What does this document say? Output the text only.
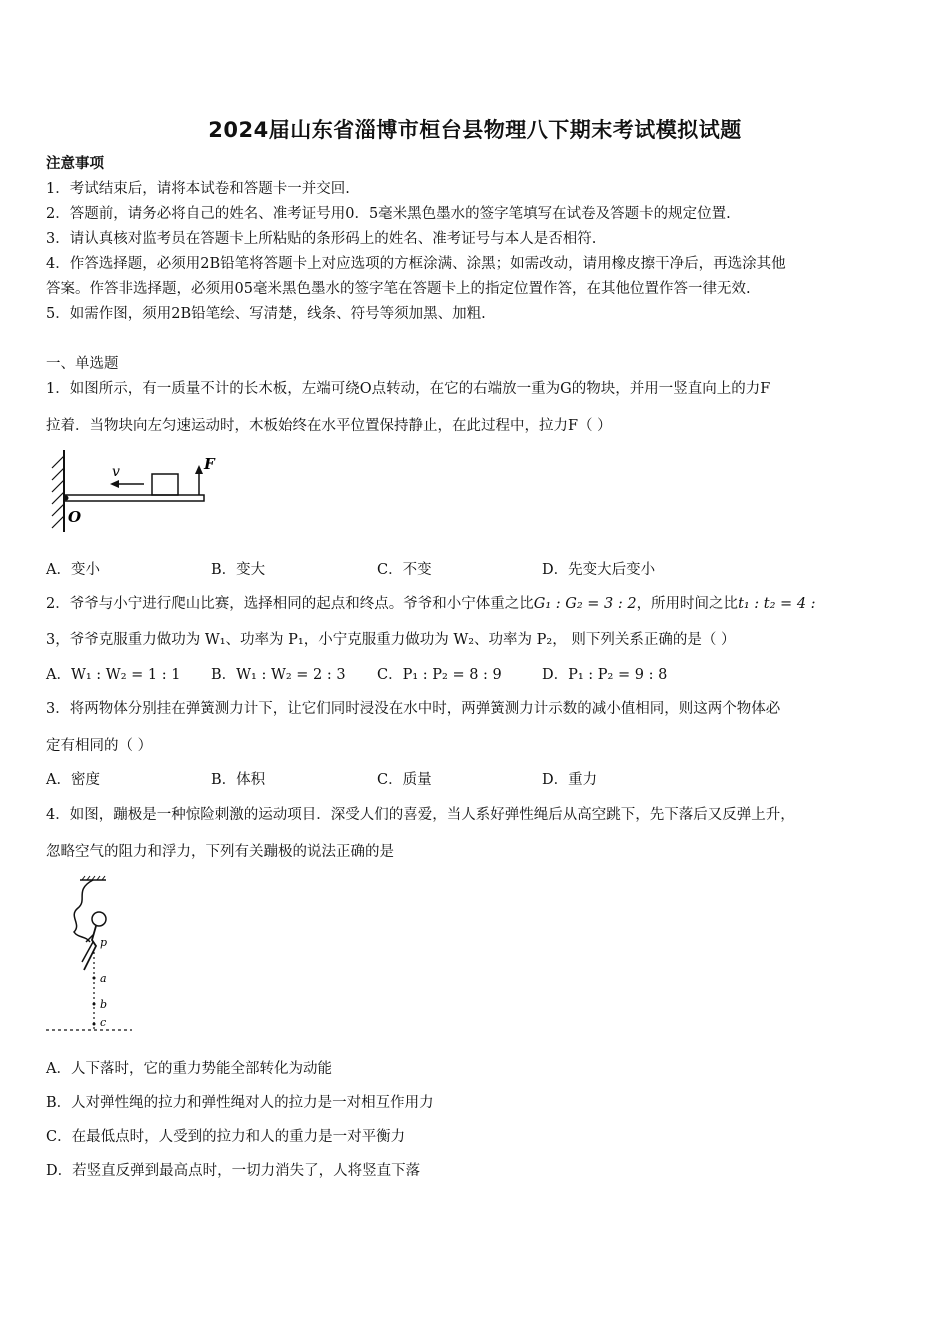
2024届山东省淄博市桓台县物理八下期末考试模拟试题
注意事项
1．考试结束后，请将本试卷和答题卡一并交回.
2．答题前，请务必将自己的姓名、准考证号用0．5毫米黑色墨水的签字笔填写在试卷及答题卡的规定位置.
3．请认真核对监考员在答题卡上所粘贴的条形码上的姓名、准考证号与本人是否相符.
4．作答选择题，必须用2B铅笔将答题卡上对应选项的方框涂满、涂黑；如需改动，请用橡皮擦干净后，再选涂其他
答案。作答非选择题，必须用05毫米黑色墨水的签字笔在答题卡上的指定位置作答，在其他位置作答一律无效.
5．如需作图，须用2B铅笔绘、写清楚，线条、符号等须加黑、加粗.
一、单选题
1．如图所示，有一质量不计的长木板，左端可绕O点转动，在它的右端放一重为G的物块，并用一竖直向上的力F
拉着．当物块向左匀速运动时，木板始终在水平位置保持静止，在此过程中，拉力F（ ）
v	F
O
A．变小	B．变大	C．不变	D．先变大后变小
2．爷爷与小宁进行爬山比赛，选择相同的起点和终点。爷爷和小宁体重之比G₁ : G₂ = 3 : 2，所用时间之比t₁ : t₂ = 4 :
3，爷爷克服重力做功为 W₁、功率为 P₁，小宁克服重力做功为 W₂、功率为 P₂， 则下列关系正确的是（ ）
A．W₁ : W₂ = 1 : 1 B．W₁ : W₂ = 2 : 3 C．P₁ : P₂ = 8 : 9	D．P₁ : P₂ = 9 : 8
3．将两物体分别挂在弹簧测力计下，让它们同时浸没在水中时，两弹簧测力计示数的减小值相同，则这两个物体必
定有相同的（ ）
A．密度	B．体积	C．质量	D．重力
4．如图，蹦极是一种惊险刺激的运动项目．深受人们的喜爱，当人系好弹性绳后从高空跳下，先下落后又反弹上升，
忽略空气的阻力和浮力，下列有关蹦极的说法正确的是
p
a
b
c
A．人下落时，它的重力势能全部转化为动能
B．人对弹性绳的拉力和弹性绳对人的拉力是一对相互作用力
C．在最低点时，人受到的拉力和人的重力是一对平衡力
D．若竖直反弹到最高点时，一切力消失了，人将竖直下落
